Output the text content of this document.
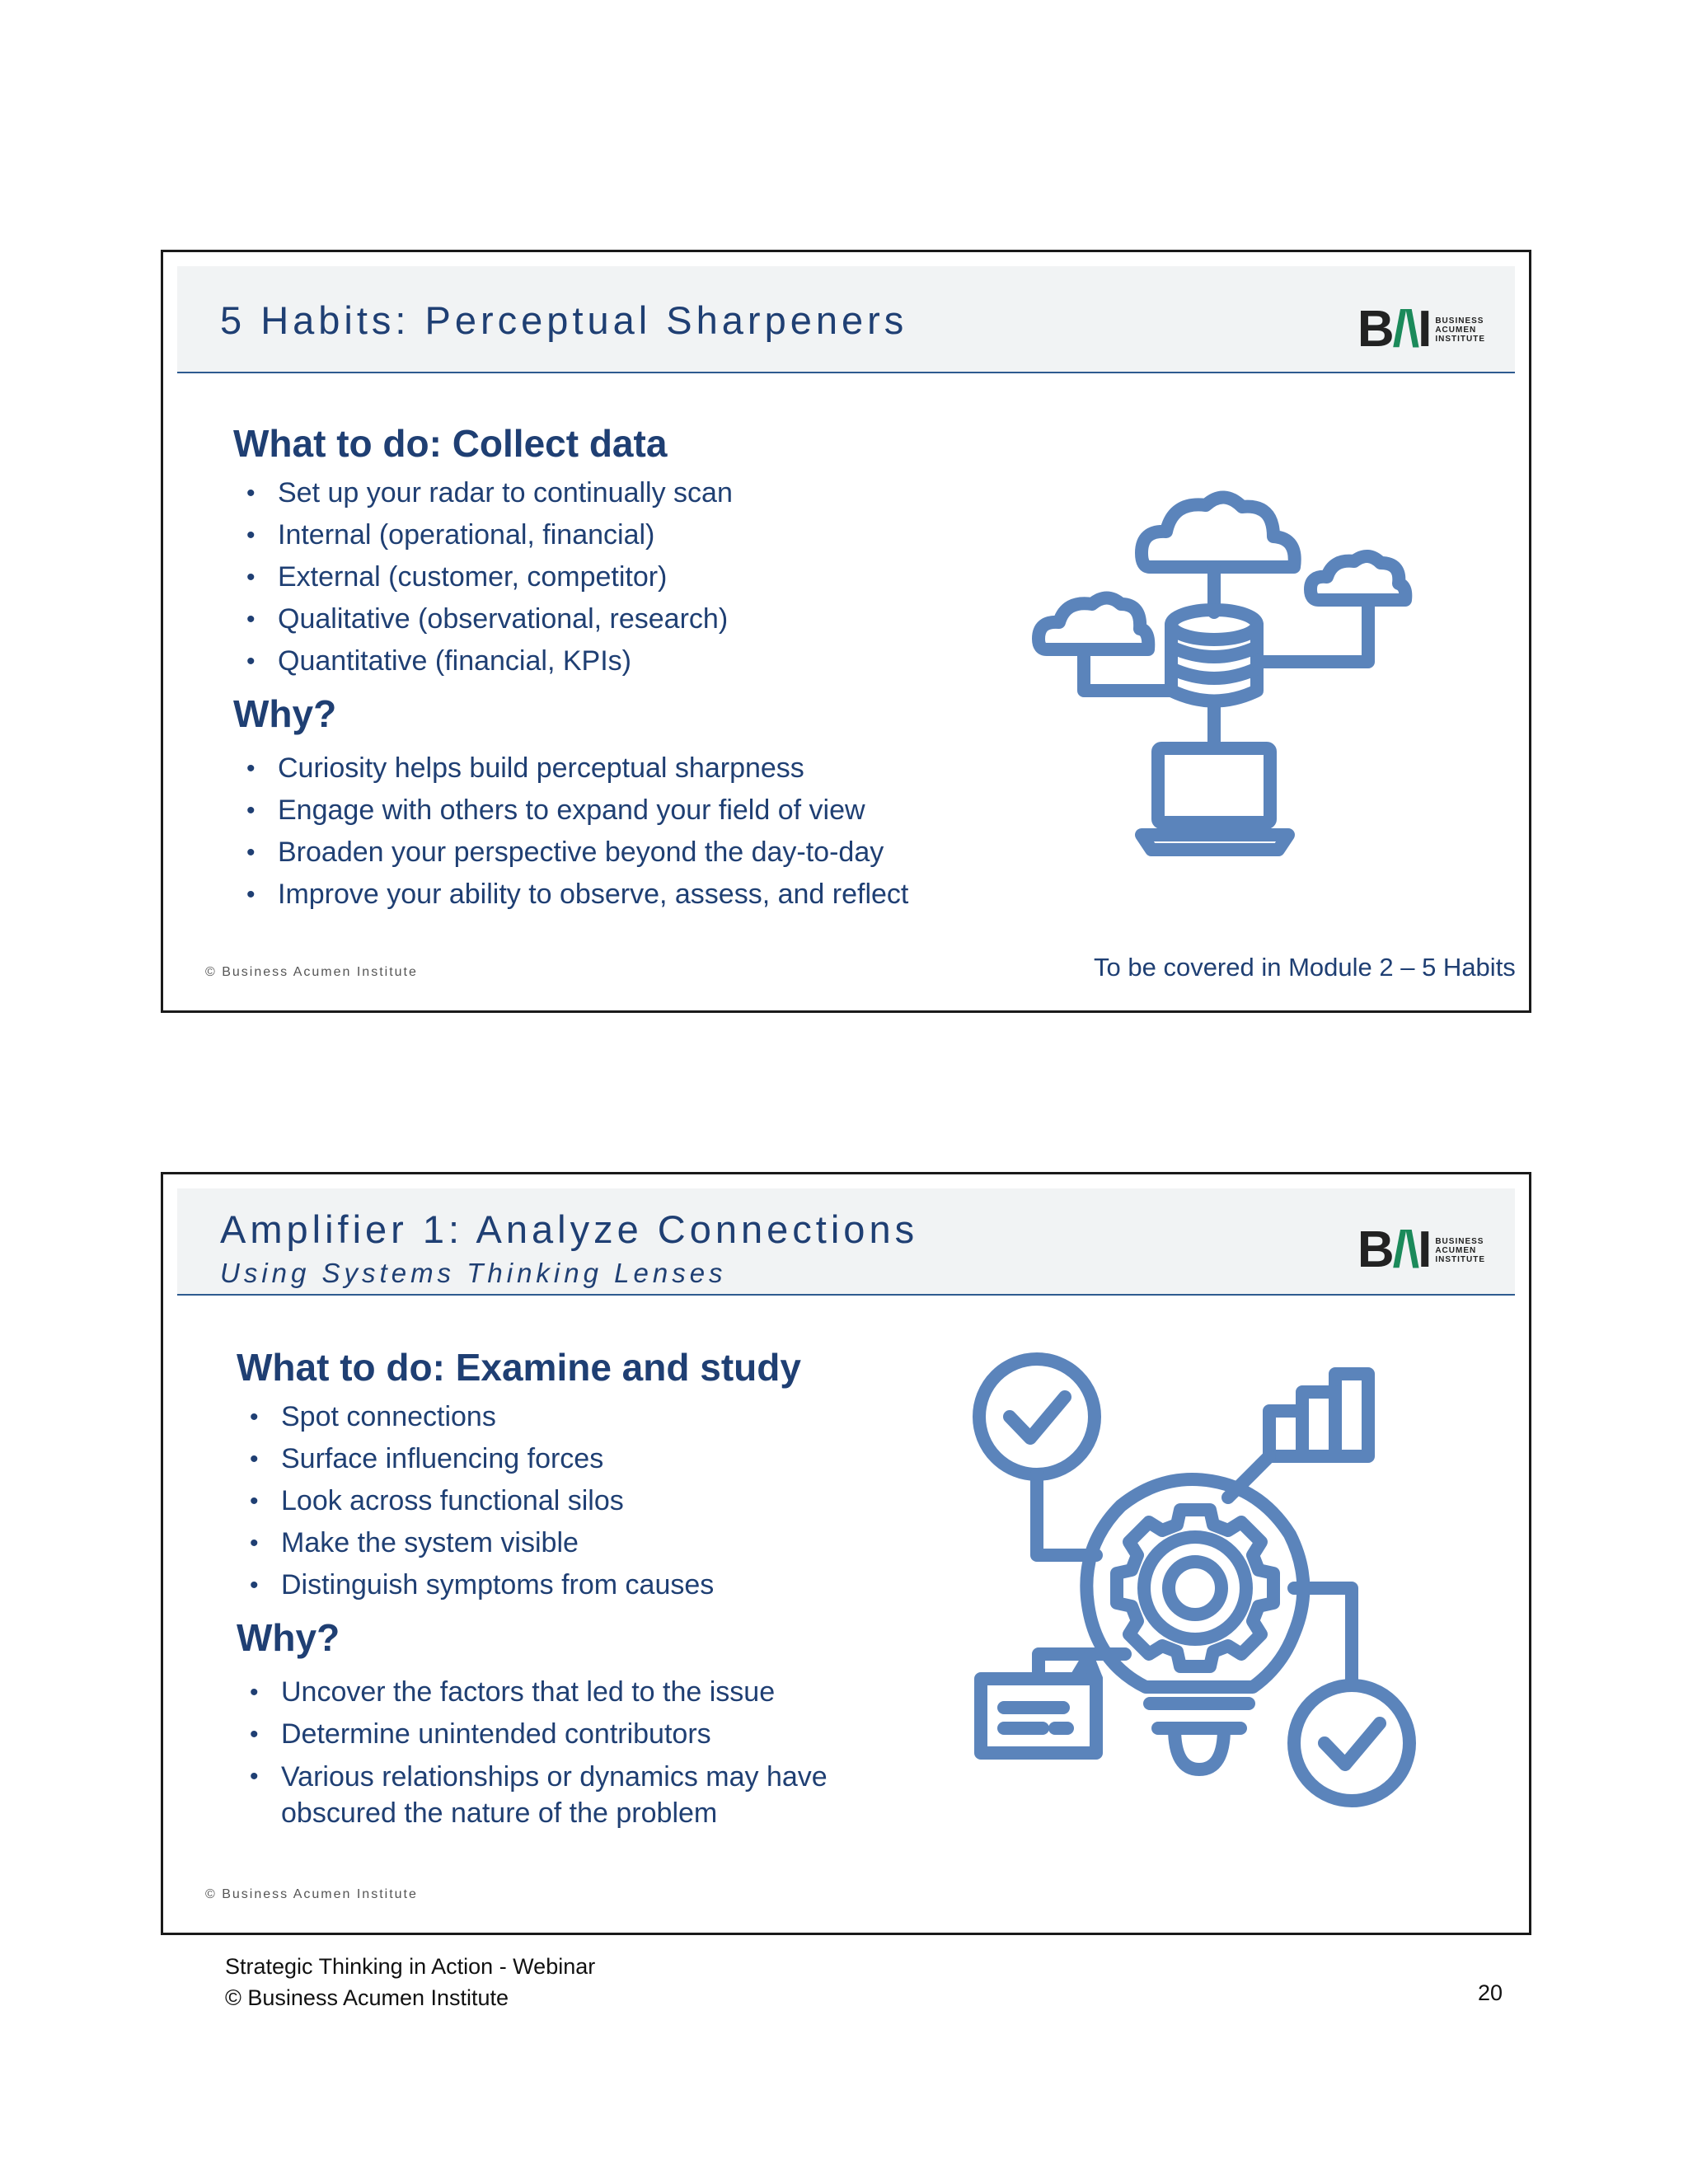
5 Habits: Perceptual Sharpeners	B /\ I BUSINESS
ACUMEN
INSTITUTE
What to do: Collect data
• Set up your radar to continually scan
• Internal (operational, financial)
• External (customer, competitor)
• Qualitative (observational, research)
• Quantitative (financial, KPIs)
Why?
• Curiosity helps build perceptual sharpness
• Engage with others to expand your field of view
• Broaden your perspective beyond the day-to-day
• Improve your ability to observe, assess, and reflect
© Business Acumen Institute	To be covered in Module 2 – 5 Habits
Amplifier 1: Analyze Connections
Using Systems Thinking Lenses	B /\ I BUSINESS
ACUMEN
INSTITUTE
What to do: Examine and study
• Spot connections
• Surface influencing forces
• Look across functional silos
• Make the system visible
• Distinguish symptoms from causes
Why?
• Uncover the factors that led to the issue
• Determine unintended contributors
• Various relationships or dynamics may have obscured the nature of the problem
© Business Acumen Institute
Strategic Thinking in Action - Webinar
© Business Acumen Institute	20
